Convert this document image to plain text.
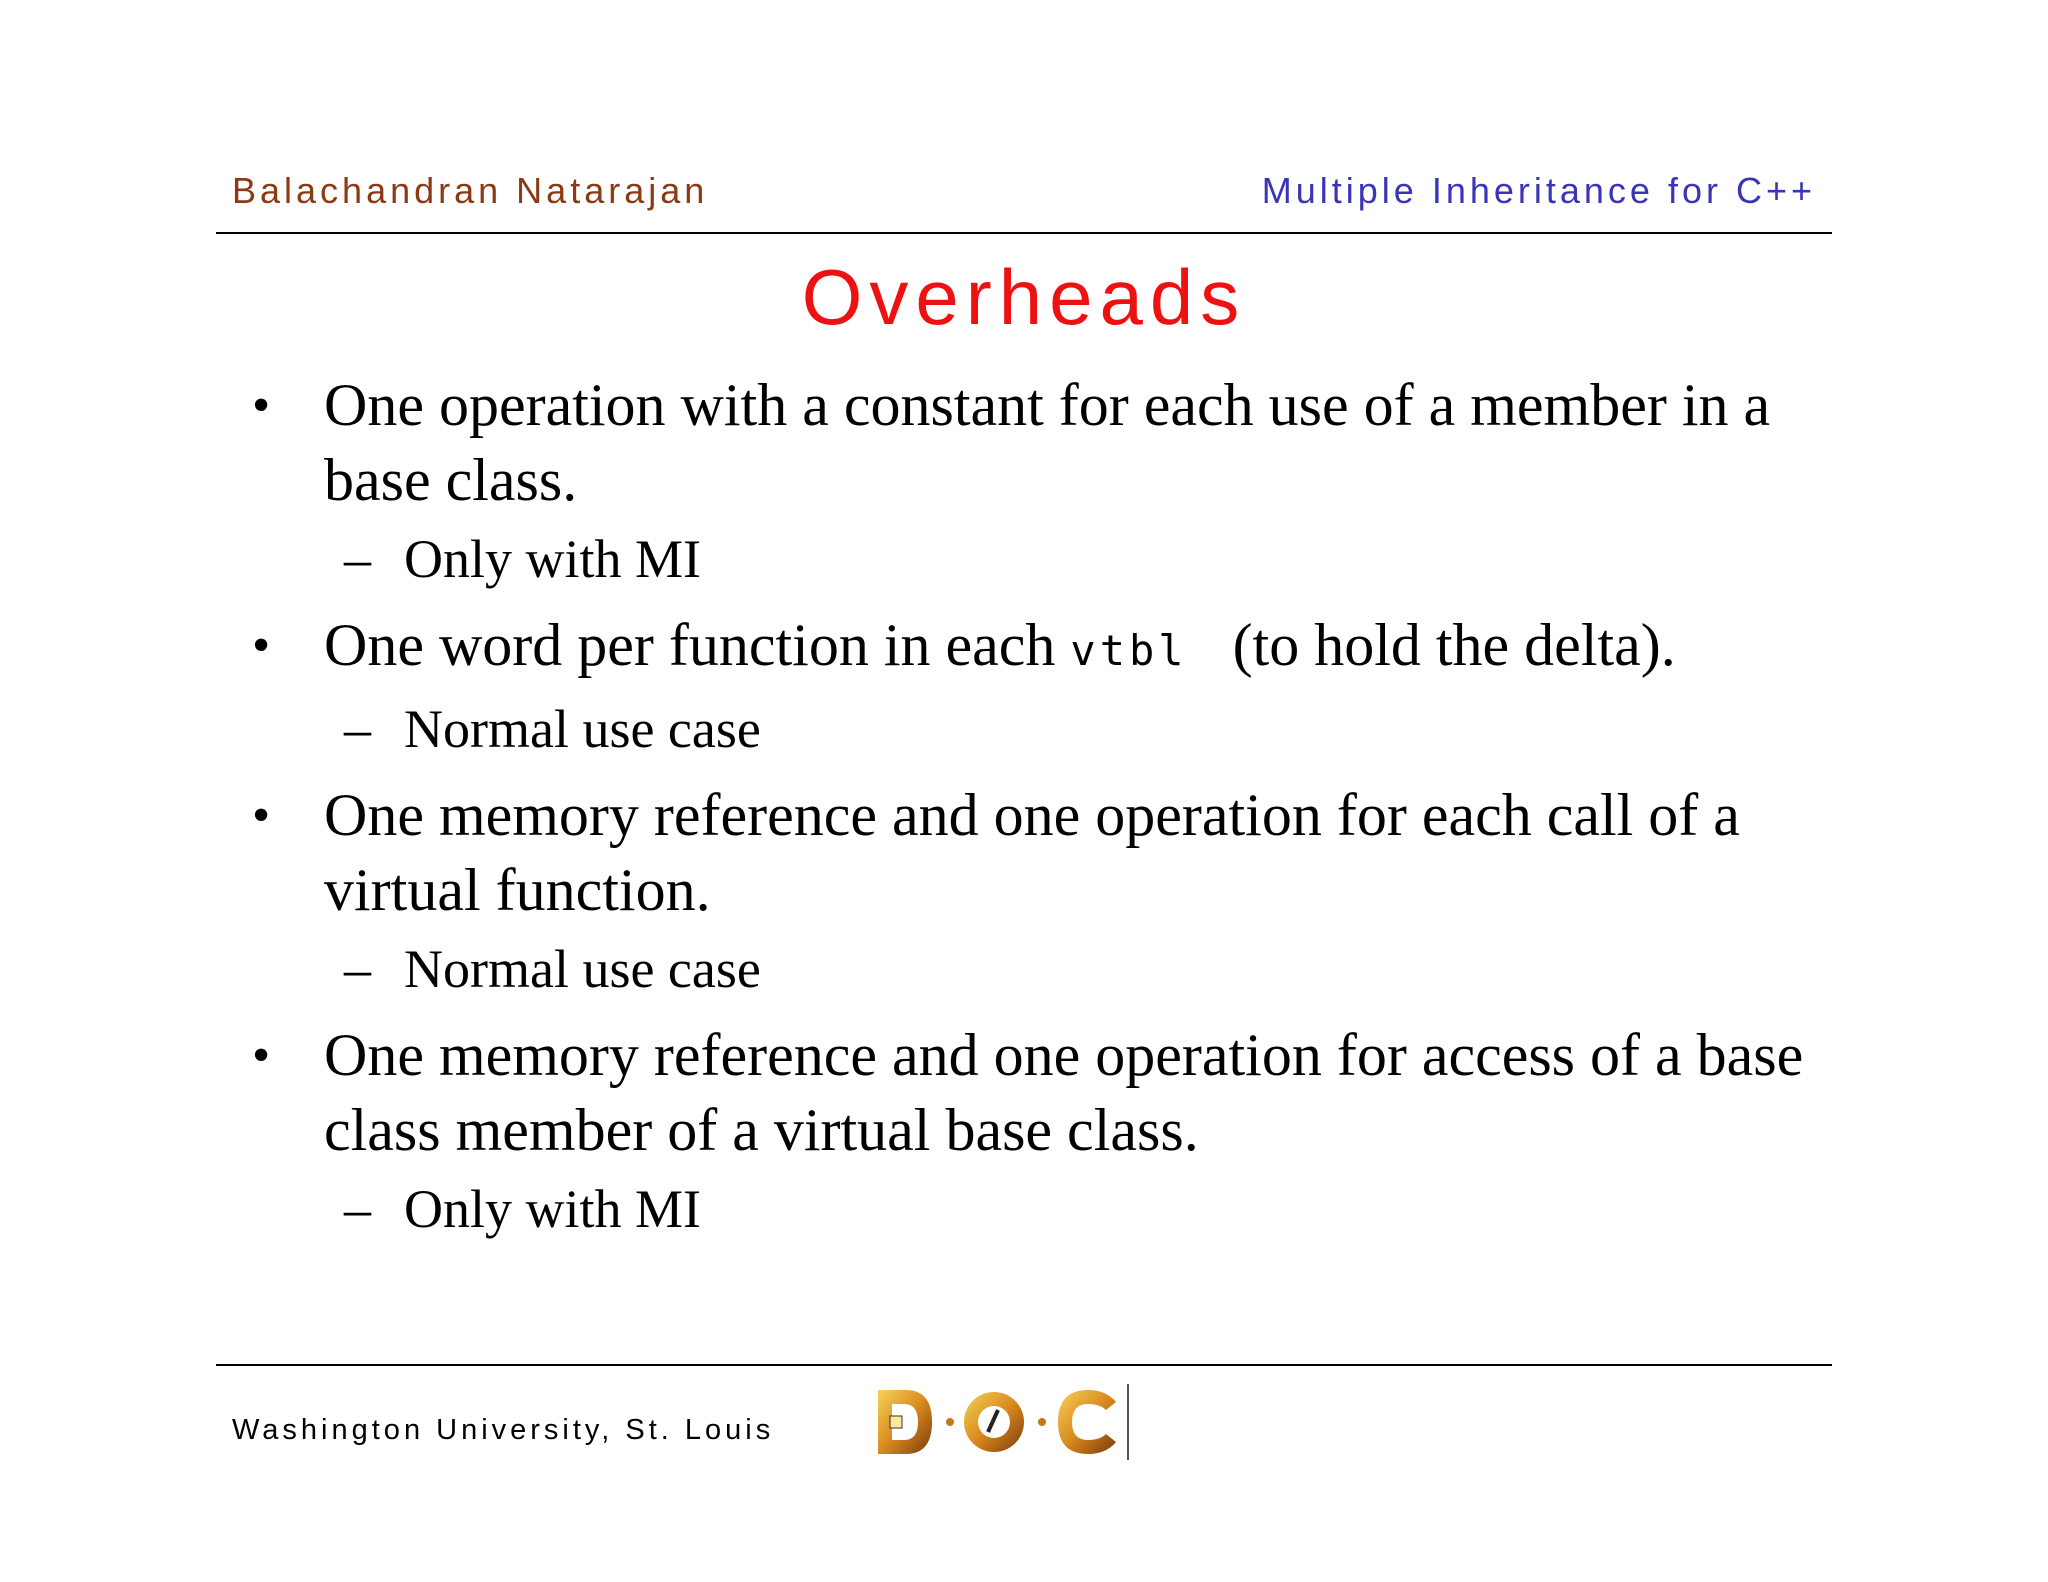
Balachandran Natarajan	Multiple Inheritance for C++
Overheads
• One operation with a constant for each use of a member in a base class.
– Only with MI
• One word per function in each vtbl (to hold the delta).
– Normal use case
• One memory reference and one operation for each call of a virtual function.
– Normal use case
• One memory reference and one operation for access of a base class member of a virtual base class.
– Only with MI
Washington University, St. Louis
